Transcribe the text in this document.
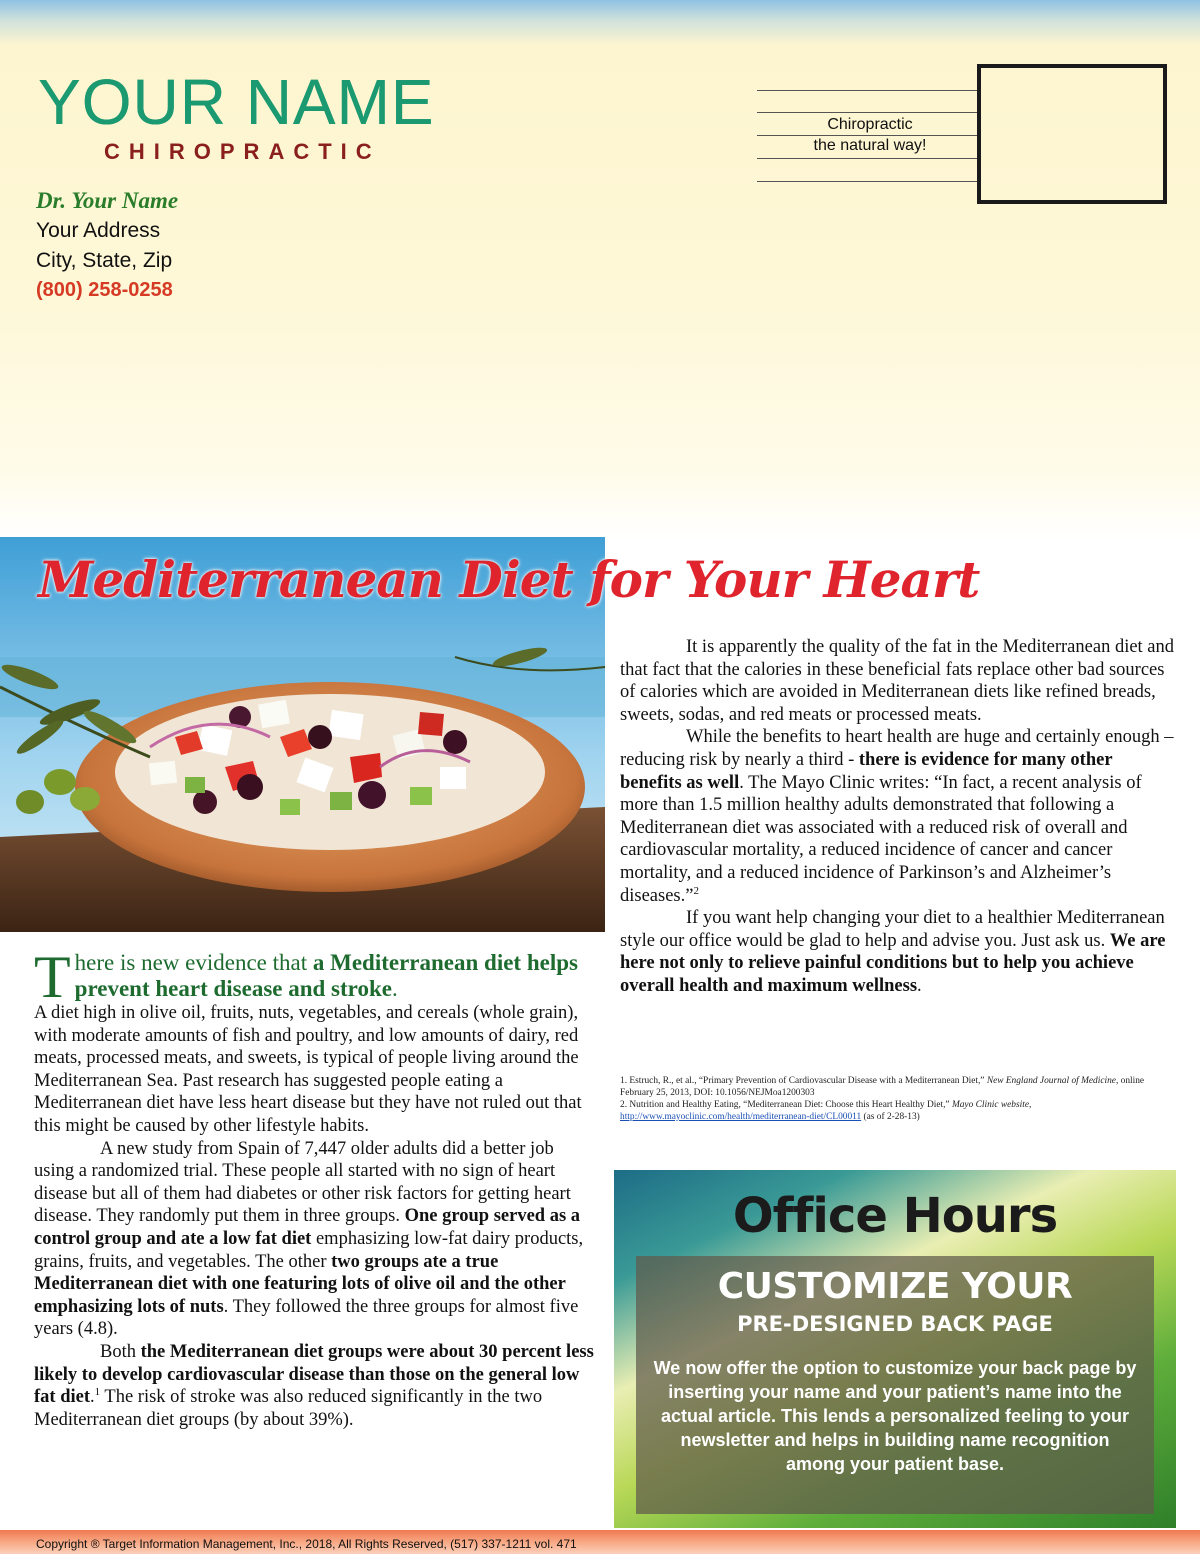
YOUR NAME
CHIROPRACTIC
Dr. Your Name
Your Address
City, State, Zip
(800) 258-0258
Chiropractic
the natural way!
Mediterranean Diet for Your Heart

There is new evidence that a Mediterranean diet helps prevent heart disease and stroke.

A diet high in olive oil, fruits, nuts, vegetables, and cereals (whole grain), with moderate amounts of fish and poultry, and low amounts of dairy, red meats, processed meats, and sweets, is typical of people living around the Mediterranean Sea. Past research has suggested people eating a Mediterranean diet have less heart disease but they have not ruled out that this might be caused by other lifestyle habits.

A new study from Spain of 7,447 older adults did a better job using a randomized trial. These people all started with no sign of heart disease but all of them had diabetes or other risk factors for getting heart disease. They randomly put them in three groups. One group served as a control group and ate a low fat diet emphasizing low-fat dairy products, grains, fruits, and vegetables. The other two groups ate a true Mediterranean diet with one featuring lots of olive oil and the other emphasizing lots of nuts. They followed the three groups for almost five years (4.8).

Both the Mediterranean diet groups were about 30 percent less likely to develop cardiovascular disease than those on the general low fat diet.$^1$ The risk of stroke was also reduced significantly in the two Mediterranean diet groups (by about 39%).

It is apparently the quality of the fat in the Mediterranean diet and that fact that the calories in these beneficial fats replace other bad sources of calories which are avoided in Mediterranean diets like refined breads, sweets, sodas, and red meats or processed meats.

While the benefits to heart health are huge and certainly enough – reducing risk by nearly a third - there is evidence for many other benefits as well. The Mayo Clinic writes: “In fact, a recent analysis of more than 1.5 million healthy adults demonstrated that following a Mediterranean diet was associated with a reduced risk of overall and cardiovascular mortality, a reduced incidence of cancer and cancer mortality, and a reduced incidence of Parkinson’s and Alzheimer’s diseases.”$^2$

If you want help changing your diet to a healthier Mediterranean style our office would be glad to help and advise you. Just ask us. We are here not only to relieve painful conditions but to help you achieve overall health and maximum wellness.

1. Estruch, R., et al., “Primary Prevention of Cardiovascular Disease with a Mediterranean Diet,” New England Journal of Medicine, online February 25, 2013, DOI: 10.1056/NEJMoa1200303

2. Nutrition and Healthy Eating, “Mediterranean Diet: Choose this Heart Healthy Diet,” Mayo Clinic website, http://www.mayoclinic.com/health/mediterranean-diet/CL00011 (as of 2-28-13)

Office Hours
CUSTOMIZE YOUR
PRE-DESIGNED BACK PAGE
We now offer the option to customize your back page by inserting your name and your patient’s name into the actual article. This lends a personalized feeling to your newsletter and helps in building name recognition among your patient base.
Copyright ® Target Information Management, Inc., 2018, All Rights Reserved, (517) 337-1211 vol. 471
